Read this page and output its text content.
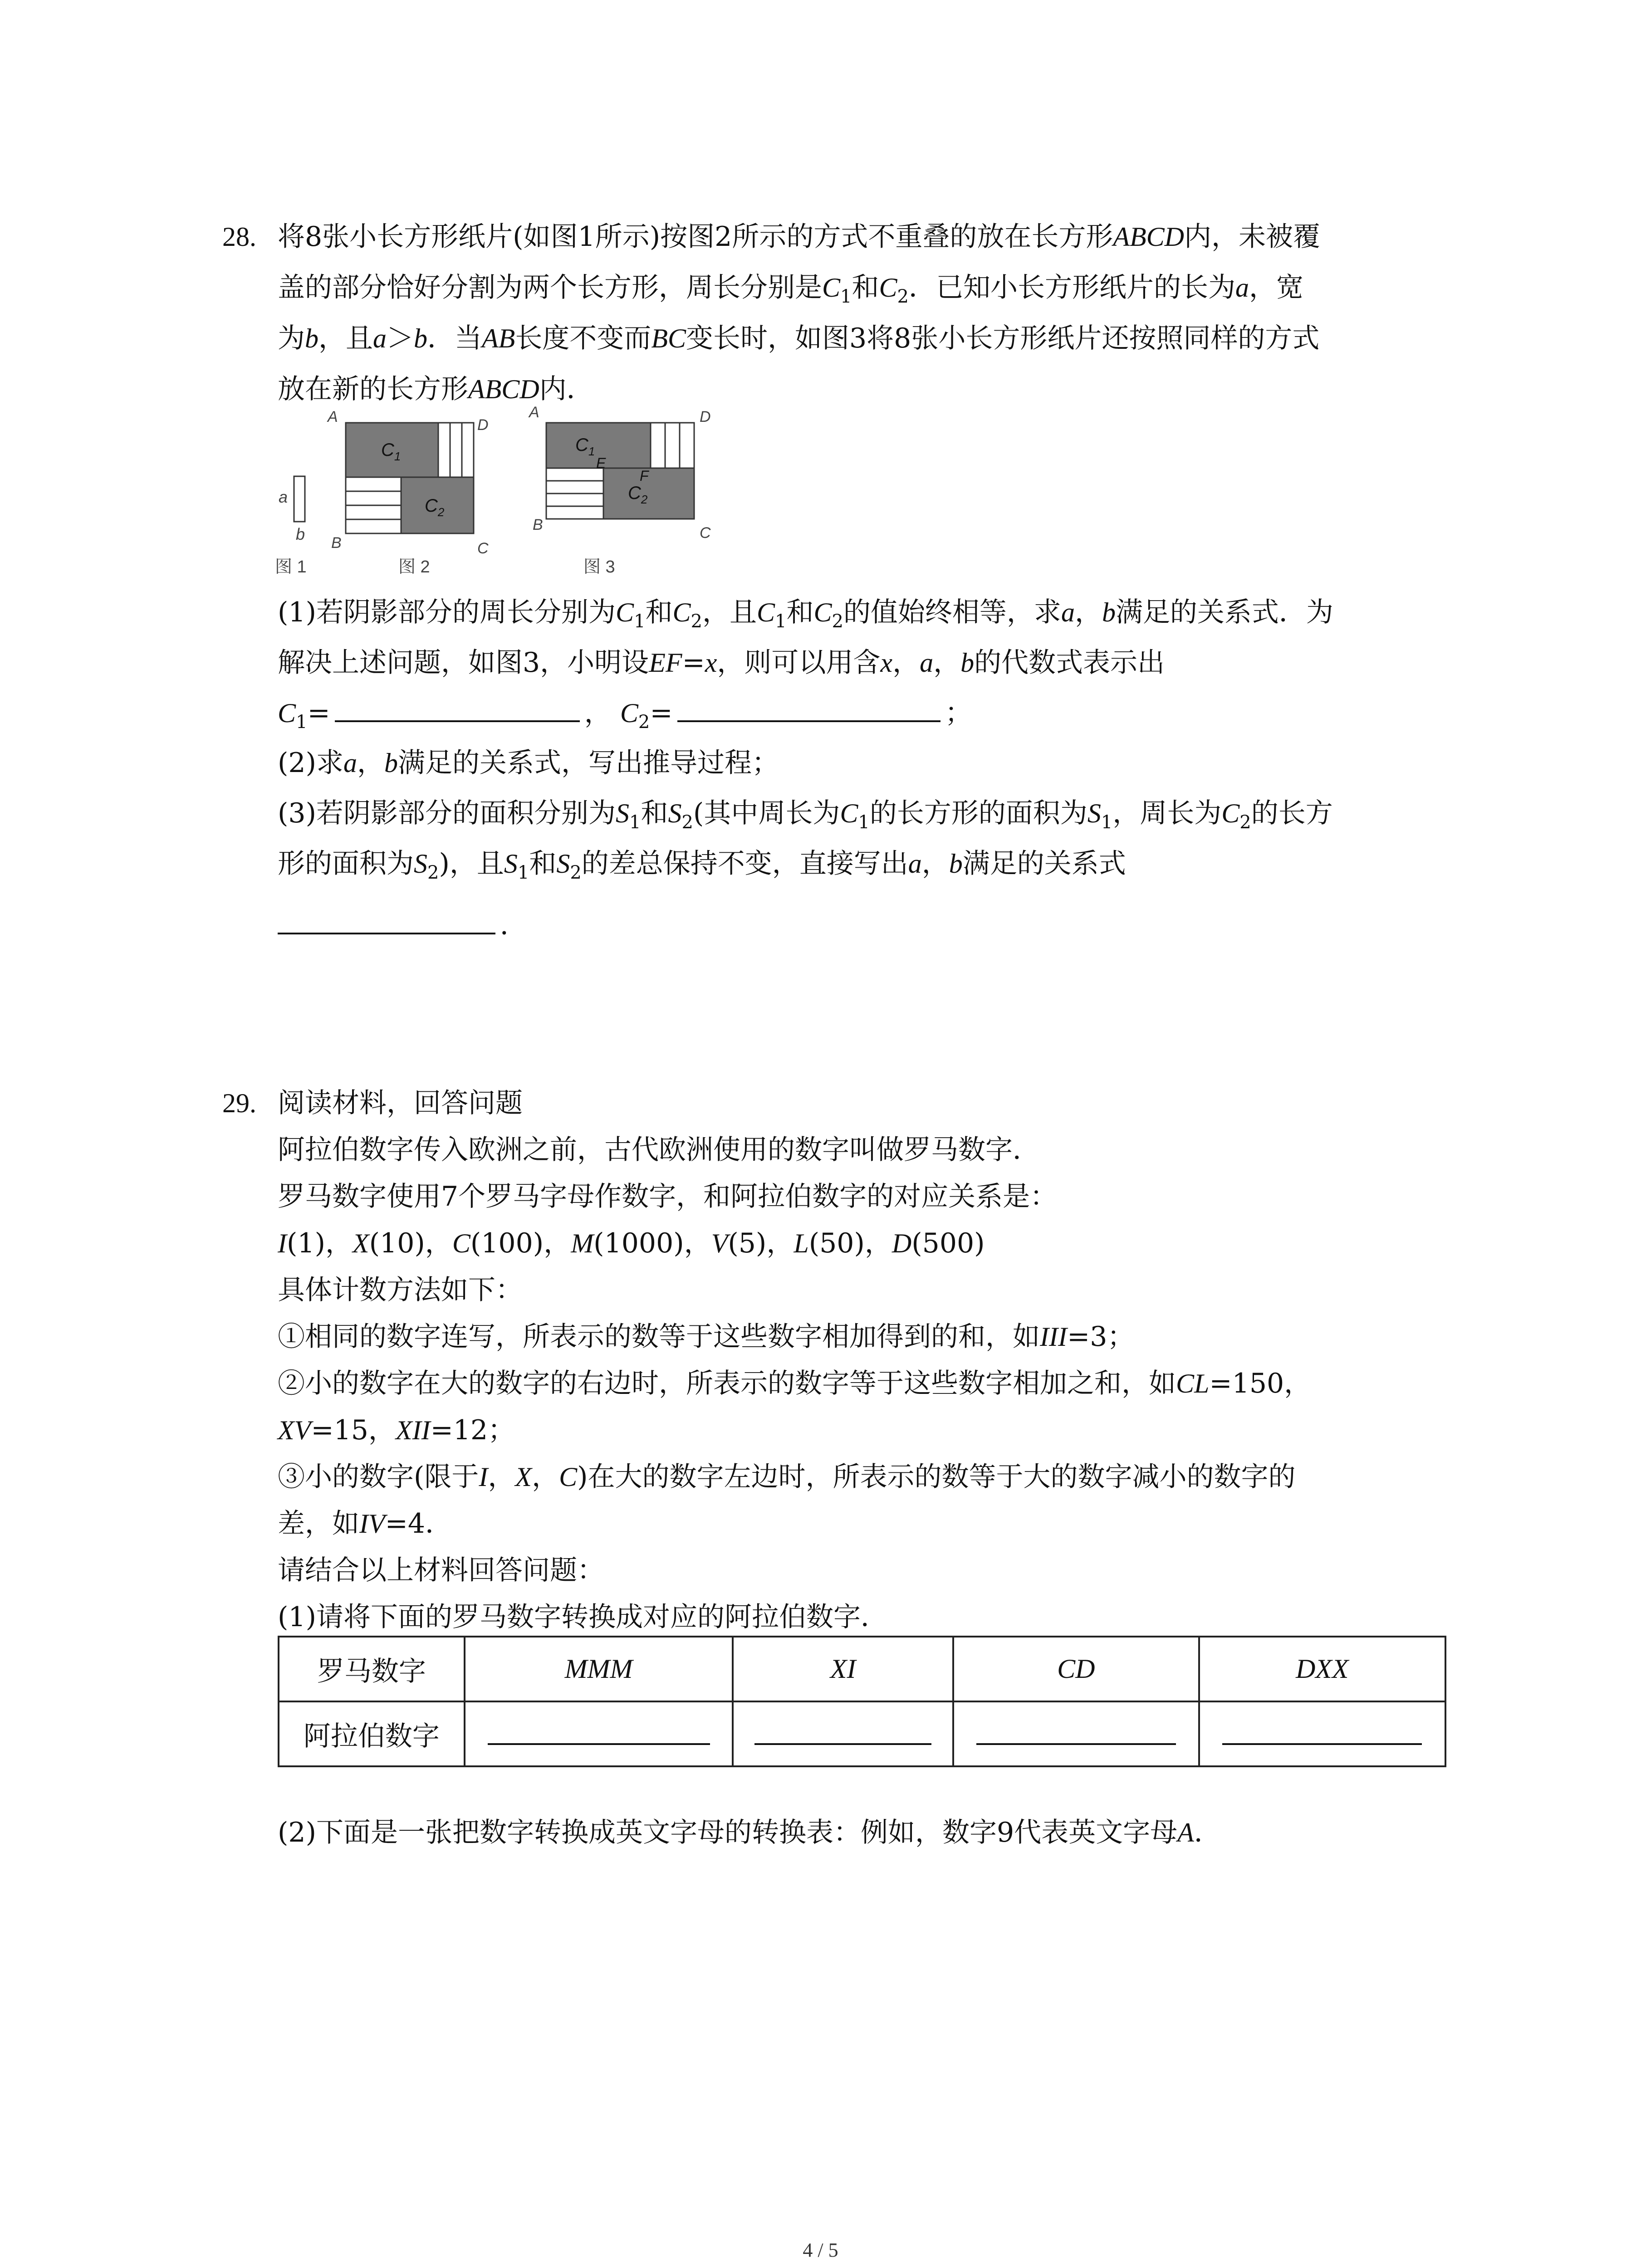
28. 将8张小长方形纸片(如图1所示)按图2所示的方式不重叠的放在长方形ABCD内，未被覆
盖的部分恰好分割为两个长方形，周长分别是$C_1$和$C_2$．已知小长方形纸片的长为a，宽
为b，且a＞b．当AB长度不变而BC变长时，如图3将8张小长方形纸片还按照同样的方式
放在新的长方形ABCD内．
a
b
图 1
$C_1$
$C_2$
A	D
B	C
图 2
$C_1$
E
F
$C_2$
A	D
B	C
图 3
(1)若阴影部分的周长分别为$C_1$和$C_2$，且$C_1$和$C_2$的值始终相等，求a，b满足的关系式．为
解决上述问题，如图3，小明设EF=x，则可以用含x，a，b的代数式表示出
$C_1=$	， $C_2=$	；
(2)求a，b满足的关系式，写出推导过程；
(3)若阴影部分的面积分别为$S_1$和$S_2$(其中周长为$C_1$的长方形的面积为$S_1$，周长为$C_2$的长方
形的面积为$S_2$)，且$S_1$和$S_2$的差总保持不变，直接写出a，b满足的关系式
．
29. 阅读材料，回答问题
阿拉伯数字传入欧洲之前，古代欧洲使用的数字叫做罗马数字．
罗马数字使用7个罗马字母作数字，和阿拉伯数字的对应关系是：
I(1)，X(10)，C(100)，M(1000)，V(5)，L(50)，D(500)
具体计数方法如下：
①相同的数字连写，所表示的数等于这些数字相加得到的和，如III=3；
②小的数字在大的数字的右边时，所表示的数字等于这些数字相加之和，如CL=150，
XV=15，XII=12；
③小的数字(限于I，X，C)在大的数字左边时，所表示的数等于大的数字减小的数字的
差，如IV=4．
请结合以上材料回答问题：
(1)请将下面的罗马数字转换成对应的阿拉伯数字．
罗马数字	MMM	XI	CD	DXX
阿拉伯数字				
(2)下面是一张把数字转换成英文字母的转换表：例如，数字9代表英文字母A．
4 / 5
